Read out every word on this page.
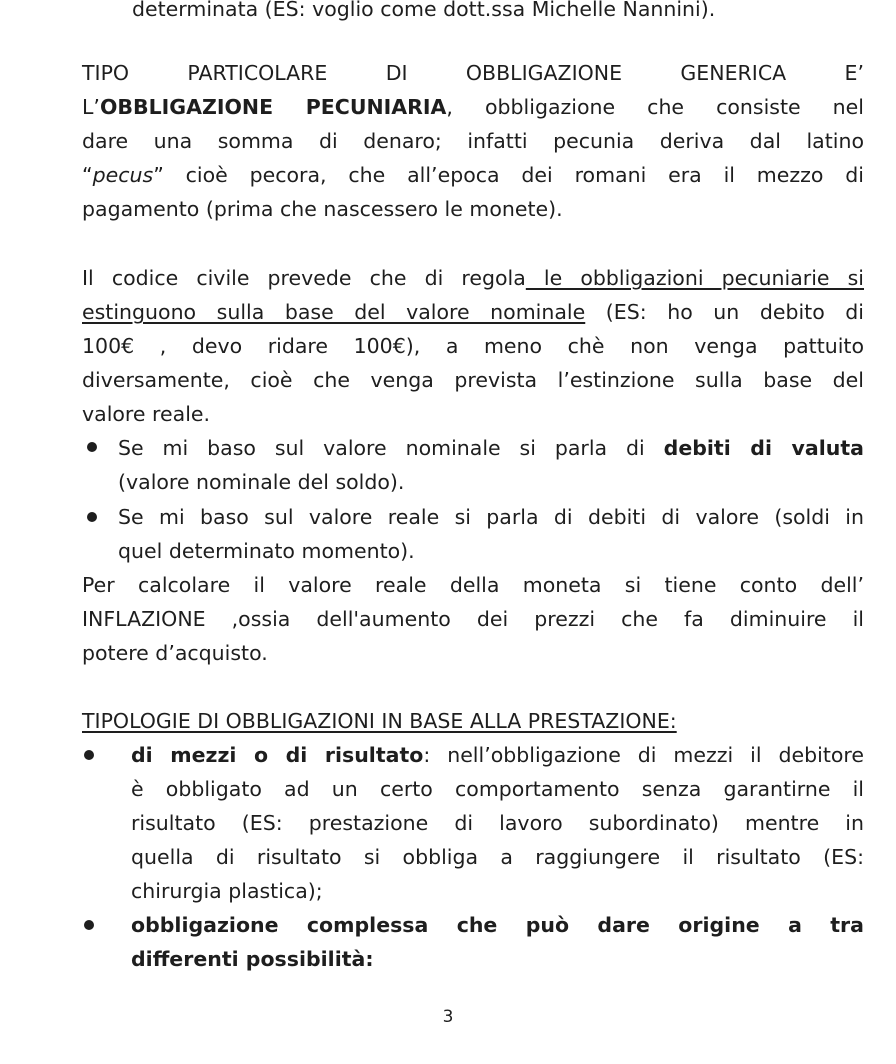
determinata (ES: voglio come dott.ssa Michelle Nannini).
TIPO PARTICOLARE DI OBBLIGAZIONE GENERICA E’
L’OBBLIGAZIONE PECUNIARIA, obbligazione che consiste nel
dare una somma di denaro; infatti pecunia deriva dal latino
“pecus” cioè pecora, che all’epoca dei romani era il mezzo di
pagamento (prima che nascessero le monete).
Il codice civile prevede che di regola le obbligazioni pecuniarie si
estinguono sulla base del valore nominale (ES: ho un debito di
100€ , devo ridare 100€), a meno chè non venga pattuito
diversamente, cioè che venga prevista l’estinzione sulla base del
valore reale.
Se mi baso sul valore nominale si parla di debiti di valuta
(valore nominale del soldo).
Se mi baso sul valore reale si parla di debiti di valore (soldi in
quel determinato momento).
Per calcolare il valore reale della moneta si tiene conto dell’
INFLAZIONE ,ossia dell'aumento dei prezzi che fa diminuire il
potere d’acquisto.
TIPOLOGIE DI OBBLIGAZIONI IN BASE ALLA PRESTAZIONE:
di mezzi o di risultato: nell’obbligazione di mezzi il debitore
è obbligato ad un certo comportamento senza garantirne il
risultato (ES: prestazione di lavoro subordinato) mentre in
quella di risultato si obbliga a raggiungere il risultato (ES:
chirurgia plastica);
obbligazione complessa che può dare origine a tra
differenti possibilità:
3
